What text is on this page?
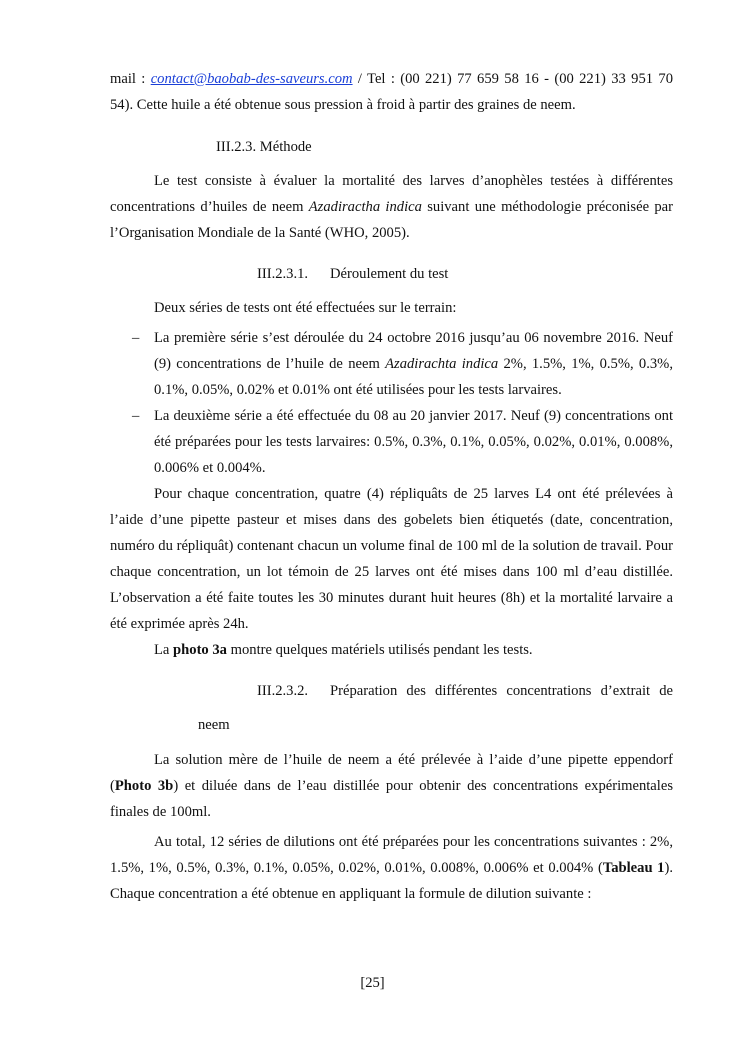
mail : contact@baobab-des-saveurs.com / Tel : (00 221) 77 659 58 16 - (00 221) 33 951 70
54). Cette huile a été obtenue sous pression à froid à partir des graines de neem.
III.2.3. Méthode
Le test consiste à évaluer la mortalité des larves d’anophèles testées à différentes
concentrations d’huiles de neem Azadiractha indica suivant une méthodologie préconisée par
l’Organisation Mondiale de la Santé (WHO, 2005).
III.2.3.1. Déroulement du test
Deux séries de tests ont été effectuées sur le terrain:
–	La première série s’est déroulée du 24 octobre 2016 jusqu’au 06 novembre 2016. Neuf (9) concentrations de l’huile de neem Azadirachta indica 2%, 1.5%, 1%, 0.5%, 0.3%, 0.1%, 0.05%, 0.02% et 0.01% ont été utilisées pour les tests larvaires.
–	La deuxième série a été effectuée du 08 au 20 janvier 2017. Neuf (9) concentrations ont été préparées pour les tests larvaires: 0.5%, 0.3%, 0.1%, 0.05%, 0.02%, 0.01%, 0.008%, 0.006% et 0.004%.
Pour chaque concentration, quatre (4) répliquâts de 25 larves L4 ont été prélevées à l’aide d’une pipette pasteur et mises dans des gobelets bien étiquetés (date, concentration, numéro du répliquât) contenant chacun un volume final de 100 ml de la solution de travail. Pour chaque concentration, un lot témoin de 25 larves ont été mises dans 100 ml d’eau distillée. L’observation a été faite toutes les 30 minutes durant huit heures (8h) et la mortalité larvaire a été exprimée après 24h.
La photo 3a montre quelques matériels utilisés pendant les tests.
III.2.3.2. Préparation des différentes concentrations d’extrait de
neem
La solution mère de l’huile de neem a été prélevée à l’aide d’une pipette eppendorf (Photo 3b) et diluée dans de l’eau distillée pour obtenir des concentrations expérimentales finales de 100ml.
Au total, 12 séries de dilutions ont été préparées pour les concentrations suivantes : 2%, 1.5%, 1%, 0.5%, 0.3%, 0.1%, 0.05%, 0.02%, 0.01%, 0.008%, 0.006% et 0.004% (Tableau 1). Chaque concentration a été obtenue en appliquant la formule de dilution suivante :
[25]
